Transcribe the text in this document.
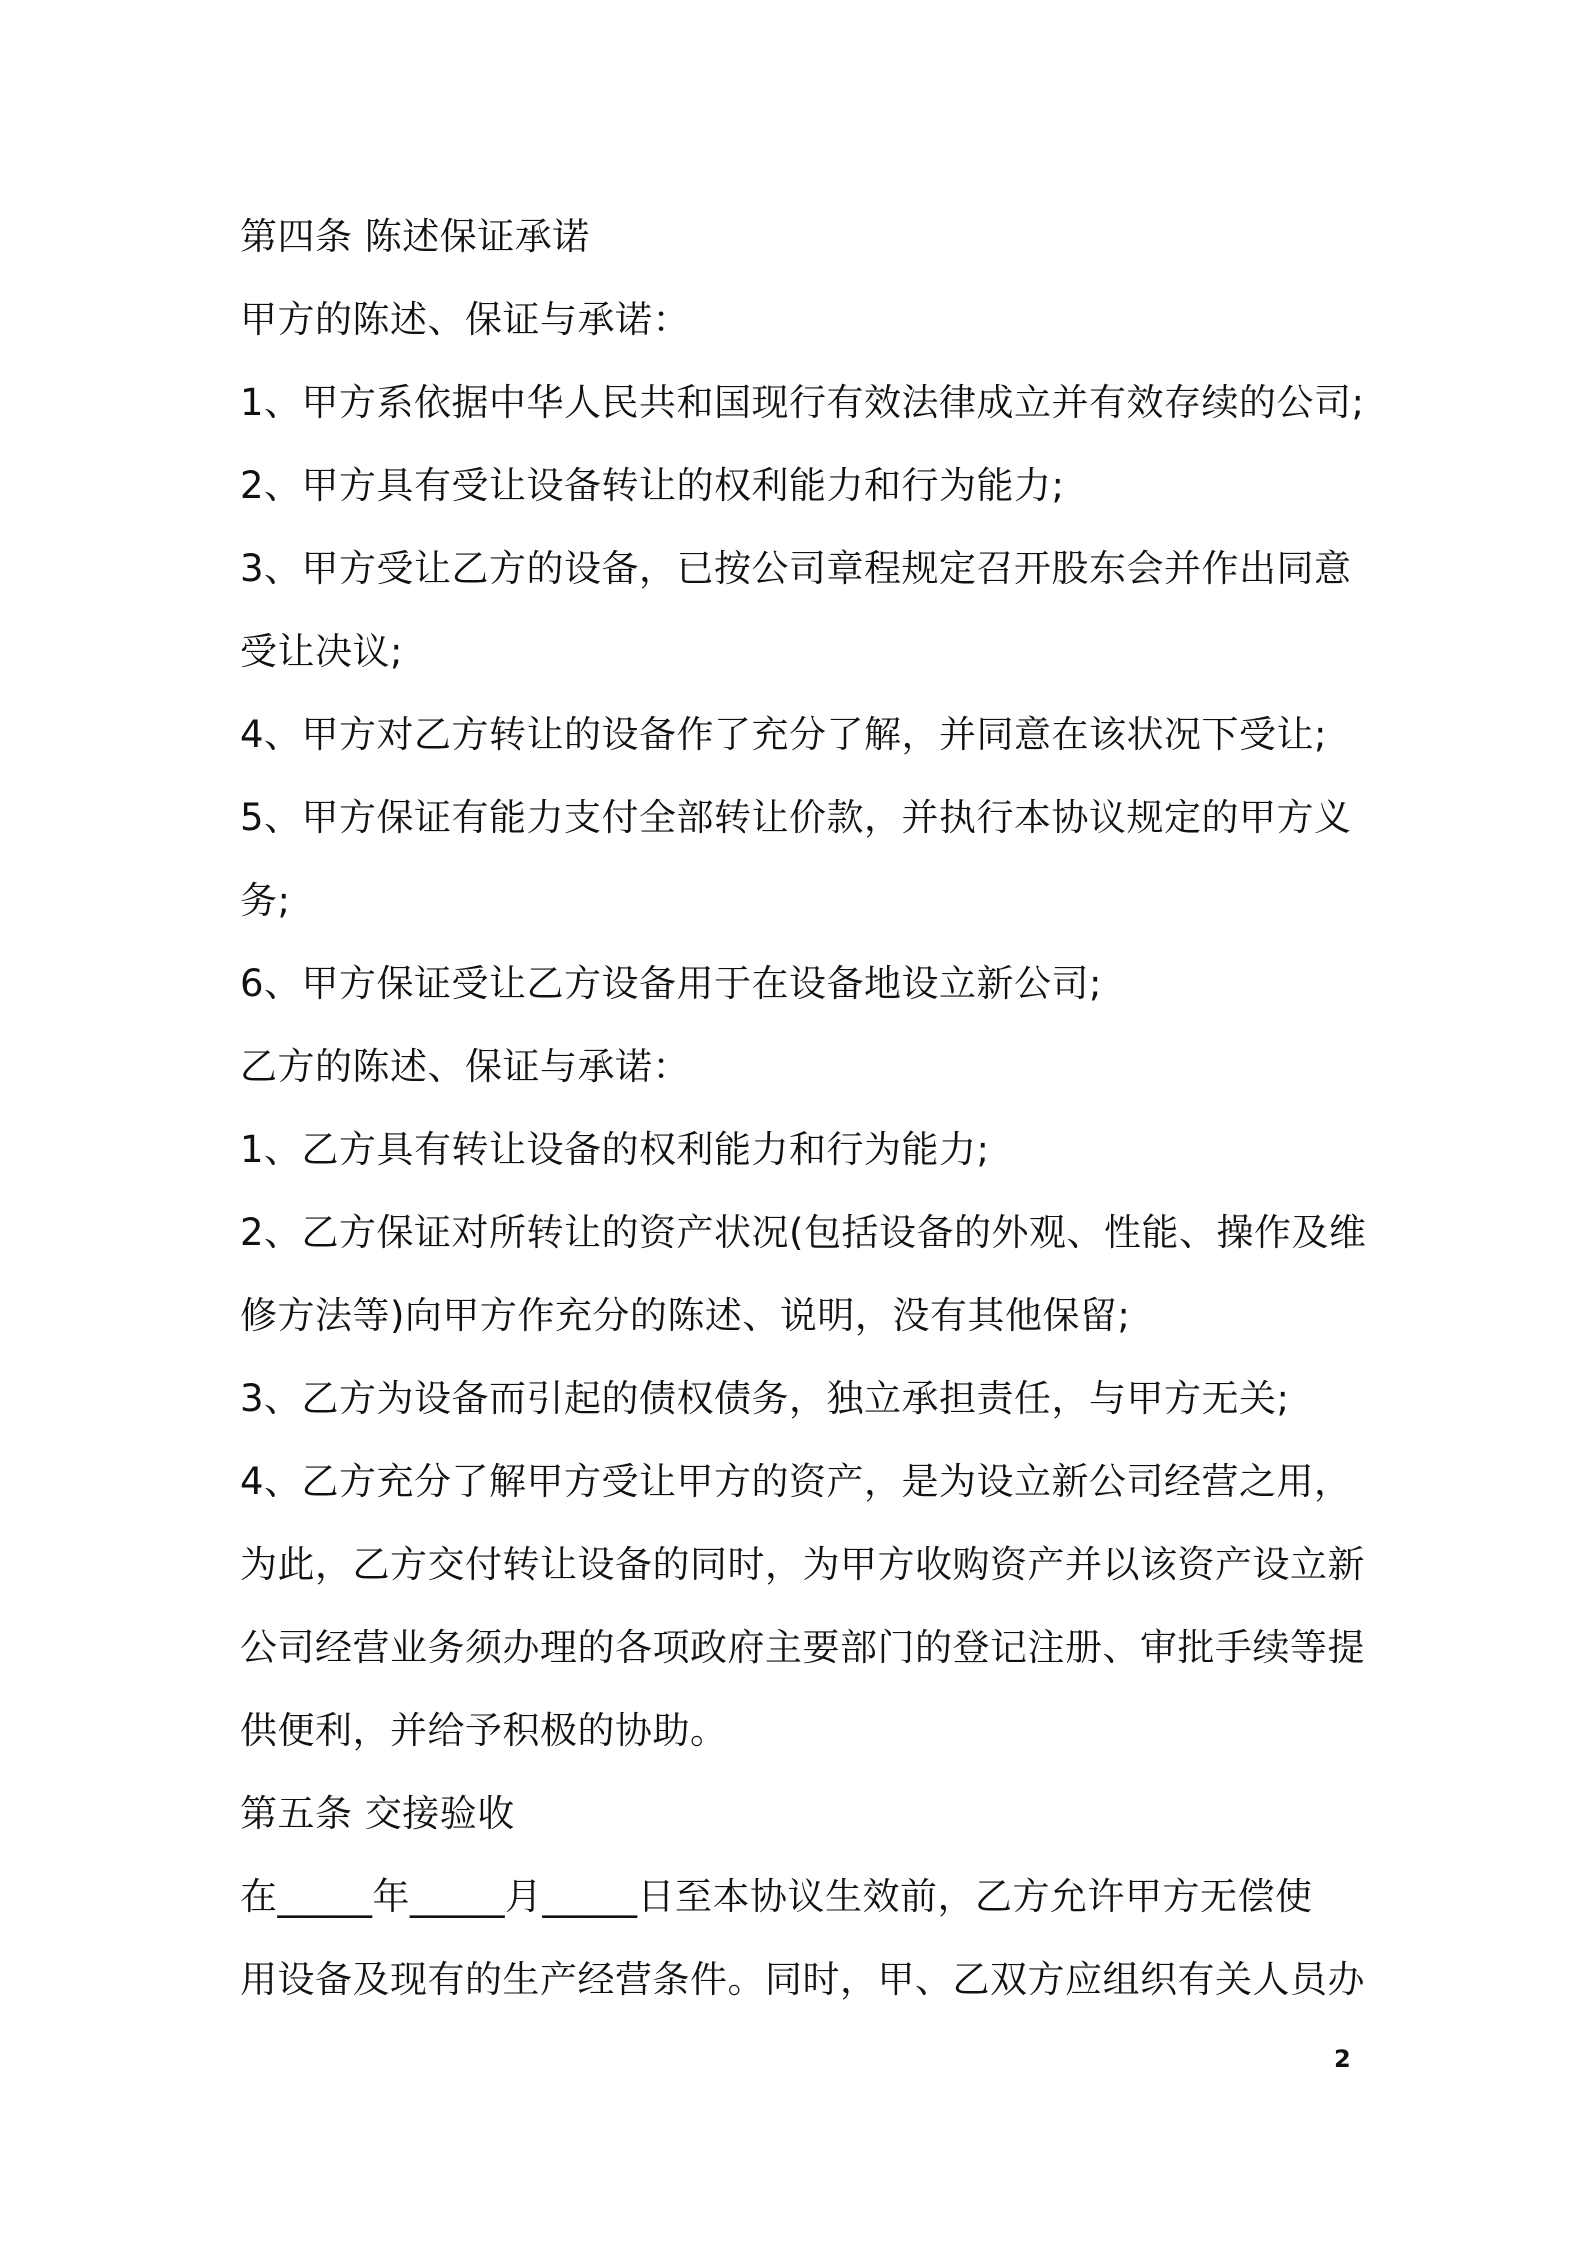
第四条 陈述保证承诺
甲方的陈述、保证与承诺：
1、甲方系依据中华人民共和国现行有效法律成立并有效存续的公司;
2、甲方具有受让设备转让的权利能力和行为能力;
3、甲方受让乙方的设备，已按公司章程规定召开股东会并作出同意
受让决议;
4、甲方对乙方转让的设备作了充分了解，并同意在该状况下受让;
5、甲方保证有能力支付全部转让价款，并执行本协议规定的甲方义
务;
6、甲方保证受让乙方设备用于在设备地设立新公司;
乙方的陈述、保证与承诺：
1、乙方具有转让设备的权利能力和行为能力;
2、乙方保证对所转让的资产状况(包括设备的外观、性能、操作及维
修方法等)向甲方作充分的陈述、说明，没有其他保留;
3、乙方为设备而引起的债权债务，独立承担责任，与甲方无关;
4、乙方充分了解甲方受让甲方的资产，是为设立新公司经营之用，
为此，乙方交付转让设备的同时，为甲方收购资产并以该资产设立新
公司经营业务须办理的各项政府主要部门的登记注册、审批手续等提
供便利，并给予积极的协助。
第五条 交接验收
在_____年_____月_____日至本协议生效前，乙方允许甲方无偿使
用设备及现有的生产经营条件。同时，甲、乙双方应组织有关人员办
2
